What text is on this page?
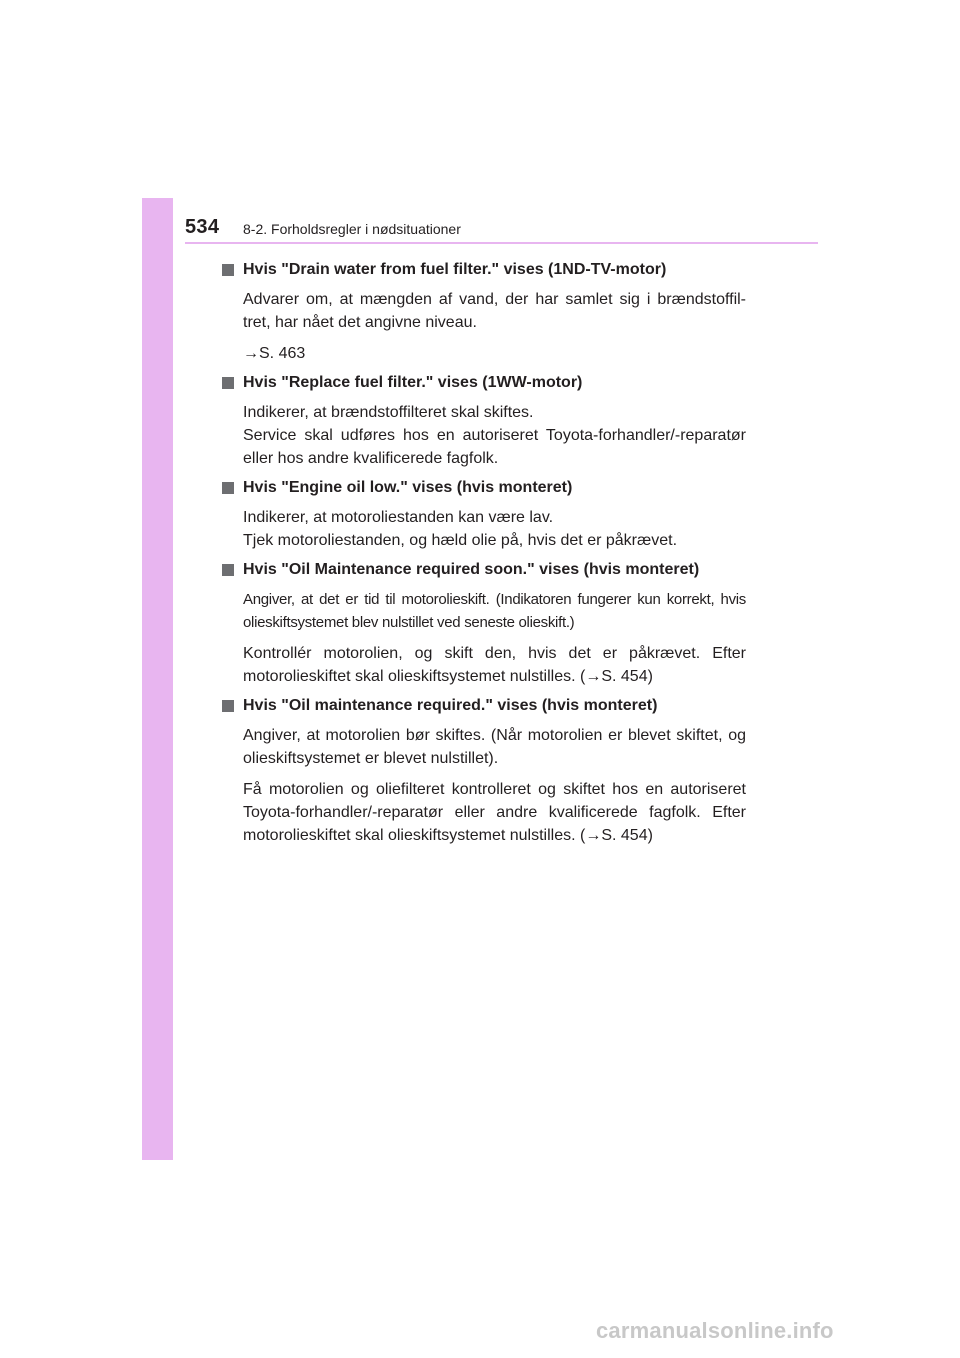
534 8-2. Forholdsregler i nødsituationer
Hvis "Drain water from fuel filter." vises (1ND-TV-motor)
Advarer om, at mængden af vand, der har samlet sig i brændstoffil-tret, har nået det angivne niveau.
→S. 463
Hvis "Replace fuel filter." vises (1WW-motor)
Indikerer, at brændstoffilteret skal skiftes.
Service skal udføres hos en autoriseret Toyota-forhandler/-reparatør eller hos andre kvalificerede fagfolk.
Hvis "Engine oil low." vises (hvis monteret)
Indikerer, at motoroliestanden kan være lav.
Tjek motoroliestanden, og hæld olie på, hvis det er påkrævet.
Hvis "Oil Maintenance required soon." vises (hvis monteret)
Angiver, at det er tid til motorolieskift. (Indikatoren fungerer kun korrekt, hvis olieskiftsystemet blev nulstillet ved seneste olieskift.)
Kontrollér motorolien, og skift den, hvis det er påkrævet. Efter motorolieskiftet skal olieskiftsystemet nulstilles. (→S. 454)
Hvis "Oil maintenance required." vises (hvis monteret)
Angiver, at motorolien bør skiftes. (Når motorolien er blevet skiftet, og olieskiftsystemet er blevet nulstillet).
Få motorolien og oliefilteret kontrolleret og skiftet hos en autoriseret Toyota-forhandler/-reparatør eller andre kvalificerede fagfolk. Efter motorolieskiftet skal olieskiftsystemet nulstilles. (→S. 454)
carmanualsonline.info
